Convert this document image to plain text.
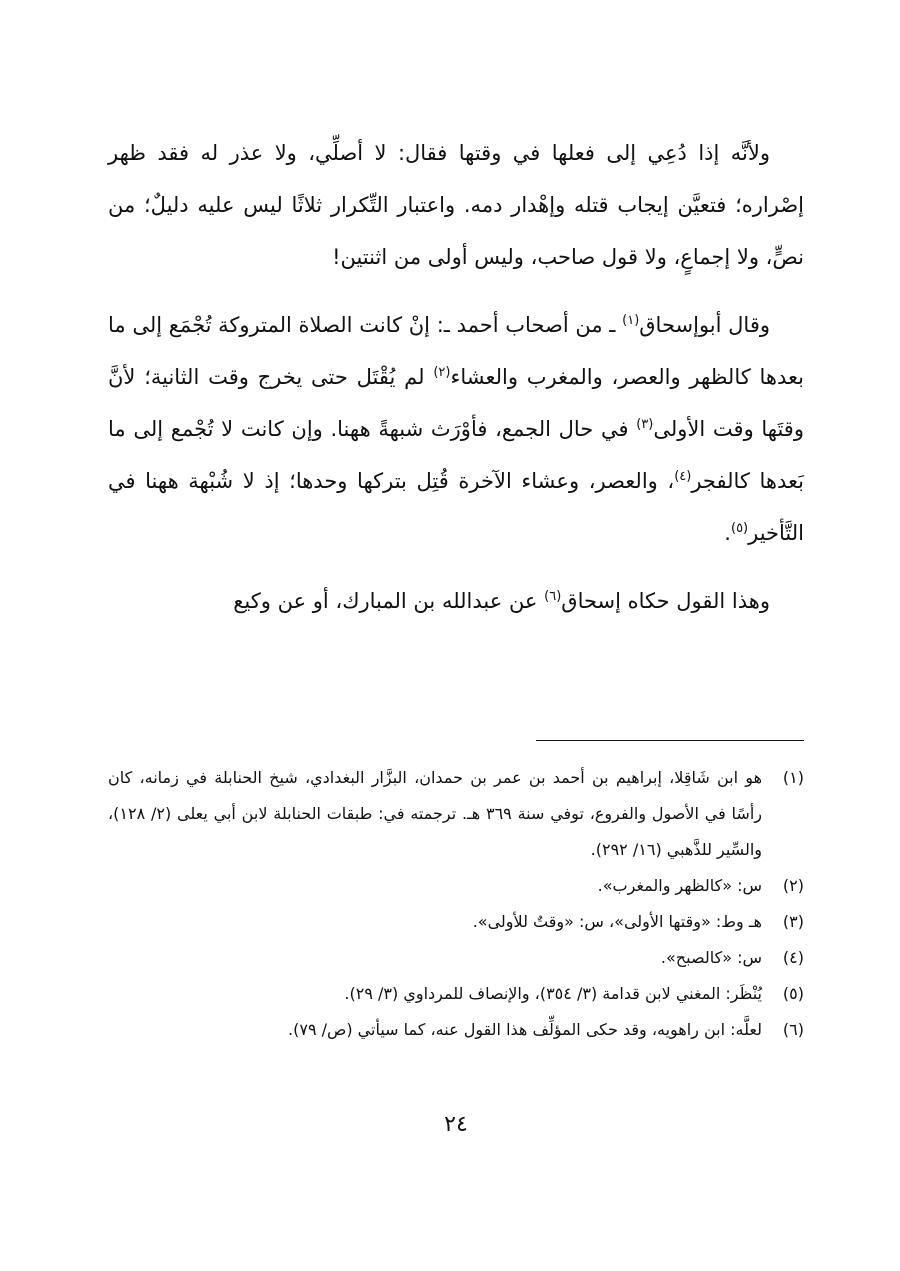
ولأنَّه إذا دُعِي إلى فعلها في وقتها فقال: لا أصلِّي، ولا عذر له فقد ظهر إصْراره؛ فتعيَّن إيجاب قتله وإهْدار دمه. واعتبار التِّكرار ثلاثًا ليس عليه دليلٌ؛ من نصٍّ، ولا إجماعٍ، ولا قول صاحب، وليس أولى من اثنتين!

وقال أبوإسحاق$^{(١)}$ ـ من أصحاب أحمد ـ: إنْ كانت الصلاة المتروكة تُجْمَع إلى ما بعدها كالظهر والعصر، والمغرب والعشاء$^{(٢)}$ لم يُقْتَل حتى يخرج وقت الثانية؛ لأنَّ وقتَها وقت الأولى$^{(٣)}$ في حال الجمع، فأوْرَث شبهةً ههنا. وإن كانت لا تُجْمع إلى ما بَعدها كالفجر$^{(٤)}$، والعصر، وعشاء الآخرة قُتِل بتركها وحدها؛ إذ لا شُبْهة ههنا في التَّأخير$^{(٥)}$.

وهذا القول حكاه إسحاق$^{(٦)}$ عن عبدالله بن المبارك، أو عن وكيع

(١)
هو ابن شَاقِلا، إبراهيم بن أحمد بن عمر بن حمدان، البزَّار البغدادي، شيخ الحنابلة في زمانه، كان رأسًا في الأصول والفروع، توفي سنة ٣٦٩ هـ. ترجمته في: طبقات الحنابلة لابن أبي يعلى (٢/ ١٢٨)، والسِّير للذَّهبي (١٦/ ٢٩٢).
(٢)
س: «كالظهر والمغرب».
(٣)
هـ وط: «وقتها الأولى»، س: «وقتٌ للأولى».
(٤)
س: «كالصبح».
(٥)
يُنْظَر: المغني لابن قدامة (٣/ ٣٥٤)، والإنصاف للمرداوي (٣/ ٢٩).
(٦)
لعلَّه: ابن راهويه، وقد حكى المؤلِّف هذا القول عنه، كما سيأتي (ص/ ٧٩).
٢٤
